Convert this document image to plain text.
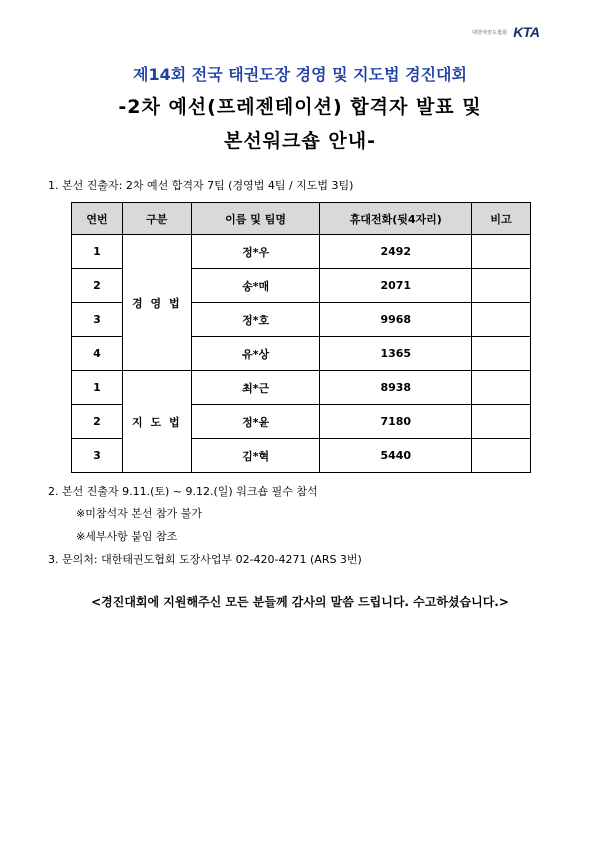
대한태권도협회 KTA

제14회 전국 태권도장 경영 및 지도법 경진대회

-2차 예선(프레젠테이션) 합격자 발표 및

본선워크숍 안내-

1. 본선 진출자: 2차 예선 합격자 7팀 (경영법 4팀 / 지도법 3팀)
연번	구분	이름 및 팀명	휴대전화(뒷4자리)	비고
1	경 영 법	정*우	2492	
2		송*매	2071	
3		정*호	9968	
4		유*상	1365	
1	지 도 법	최*근	8938	
2		정*윤	7180	
3		김*혁	5440	
2. 본선 진출자 9.11.(토) ~ 9.12.(일) 워크숍 필수 참석
※미참석자 본선 참가 불가
※세부사항 붙임 참조
3. 문의처: 대한태권도협회 도장사업부 02-420-4271 (ARS 3번)
<경진대회에 지원해주신 모든 분들께 감사의 말씀 드립니다. 수고하셨습니다.>
